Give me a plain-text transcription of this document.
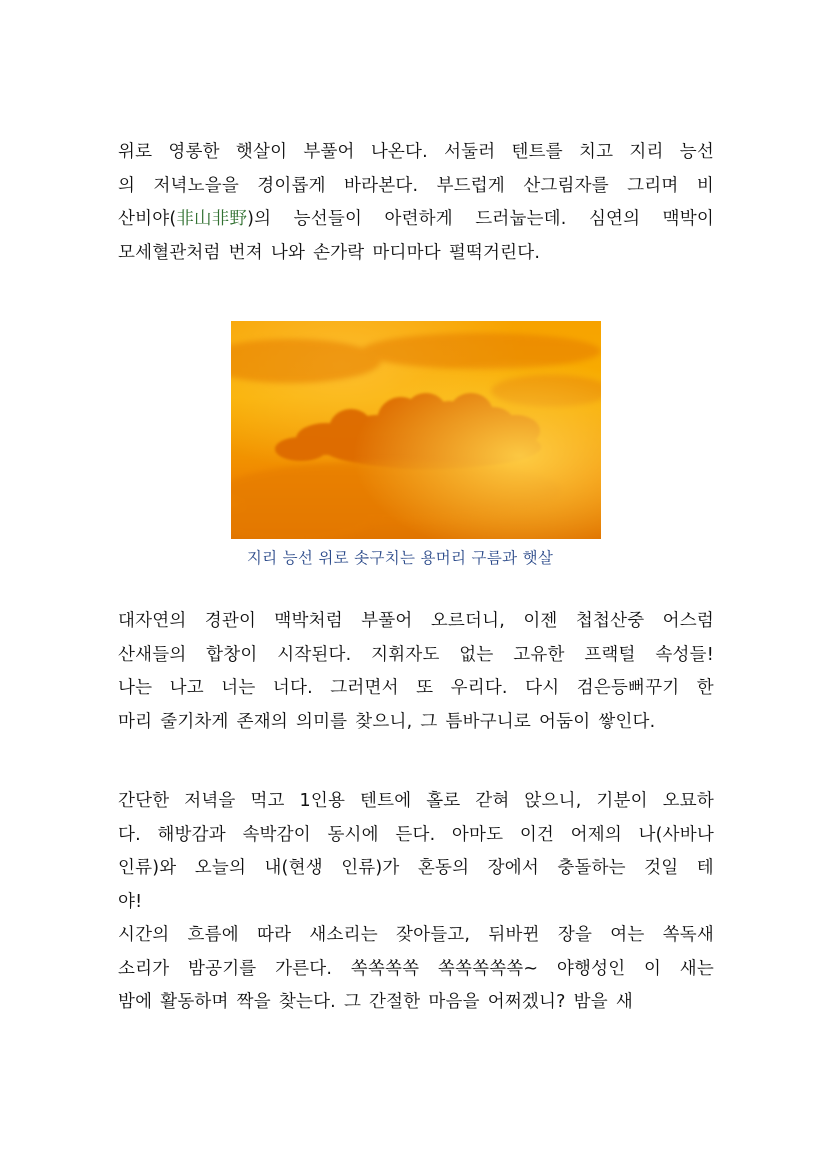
위로 영롱한 햇살이 부풀어 나온다. 서둘러 텐트를 치고 지리 능선
의 저녁노을을 경이롭게 바라본다. 부드럽게 산그림자를 그리며 비
산비야(非山非野)의 능선들이 아련하게 드러눕는데. 심연의 맥박이
모세혈관처럼 번져 나와 손가락 마디마다 펄떡거린다.
지리 능선 위로 솟구치는 용머리 구름과 햇살
대자연의 경관이 맥박처럼 부풀어 오르더니, 이젠 첩첩산중 어스럼
산새들의 합창이 시작된다. 지휘자도 없는 고유한 프랙털 속성들!
나는 나고 너는 너다. 그러면서 또 우리다. 다시 검은등뻐꾸기 한
마리 줄기차게 존재의 의미를 찾으니, 그 틈바구니로 어둠이 쌓인다.
간단한 저녁을 먹고 1인용 텐트에 홀로 갇혀 앉으니, 기분이 오묘하
다. 해방감과 속박감이 동시에 든다. 아마도 이건 어제의 나(사바나
인류)와 오늘의 내(현생 인류)가 혼동의 장에서 충돌하는 것일 테
야!
시간의 흐름에 따라 새소리는 잦아들고, 뒤바뀐 장을 여는 쏙독새
소리가 밤공기를 가른다. 쏙쏙쏙쏙 쏙쏙쏙쏙쏙~ 야행성인 이 새는
밤에 활동하며 짝을 찾는다. 그 간절한 마음을 어쩌겠니? 밤을 새
